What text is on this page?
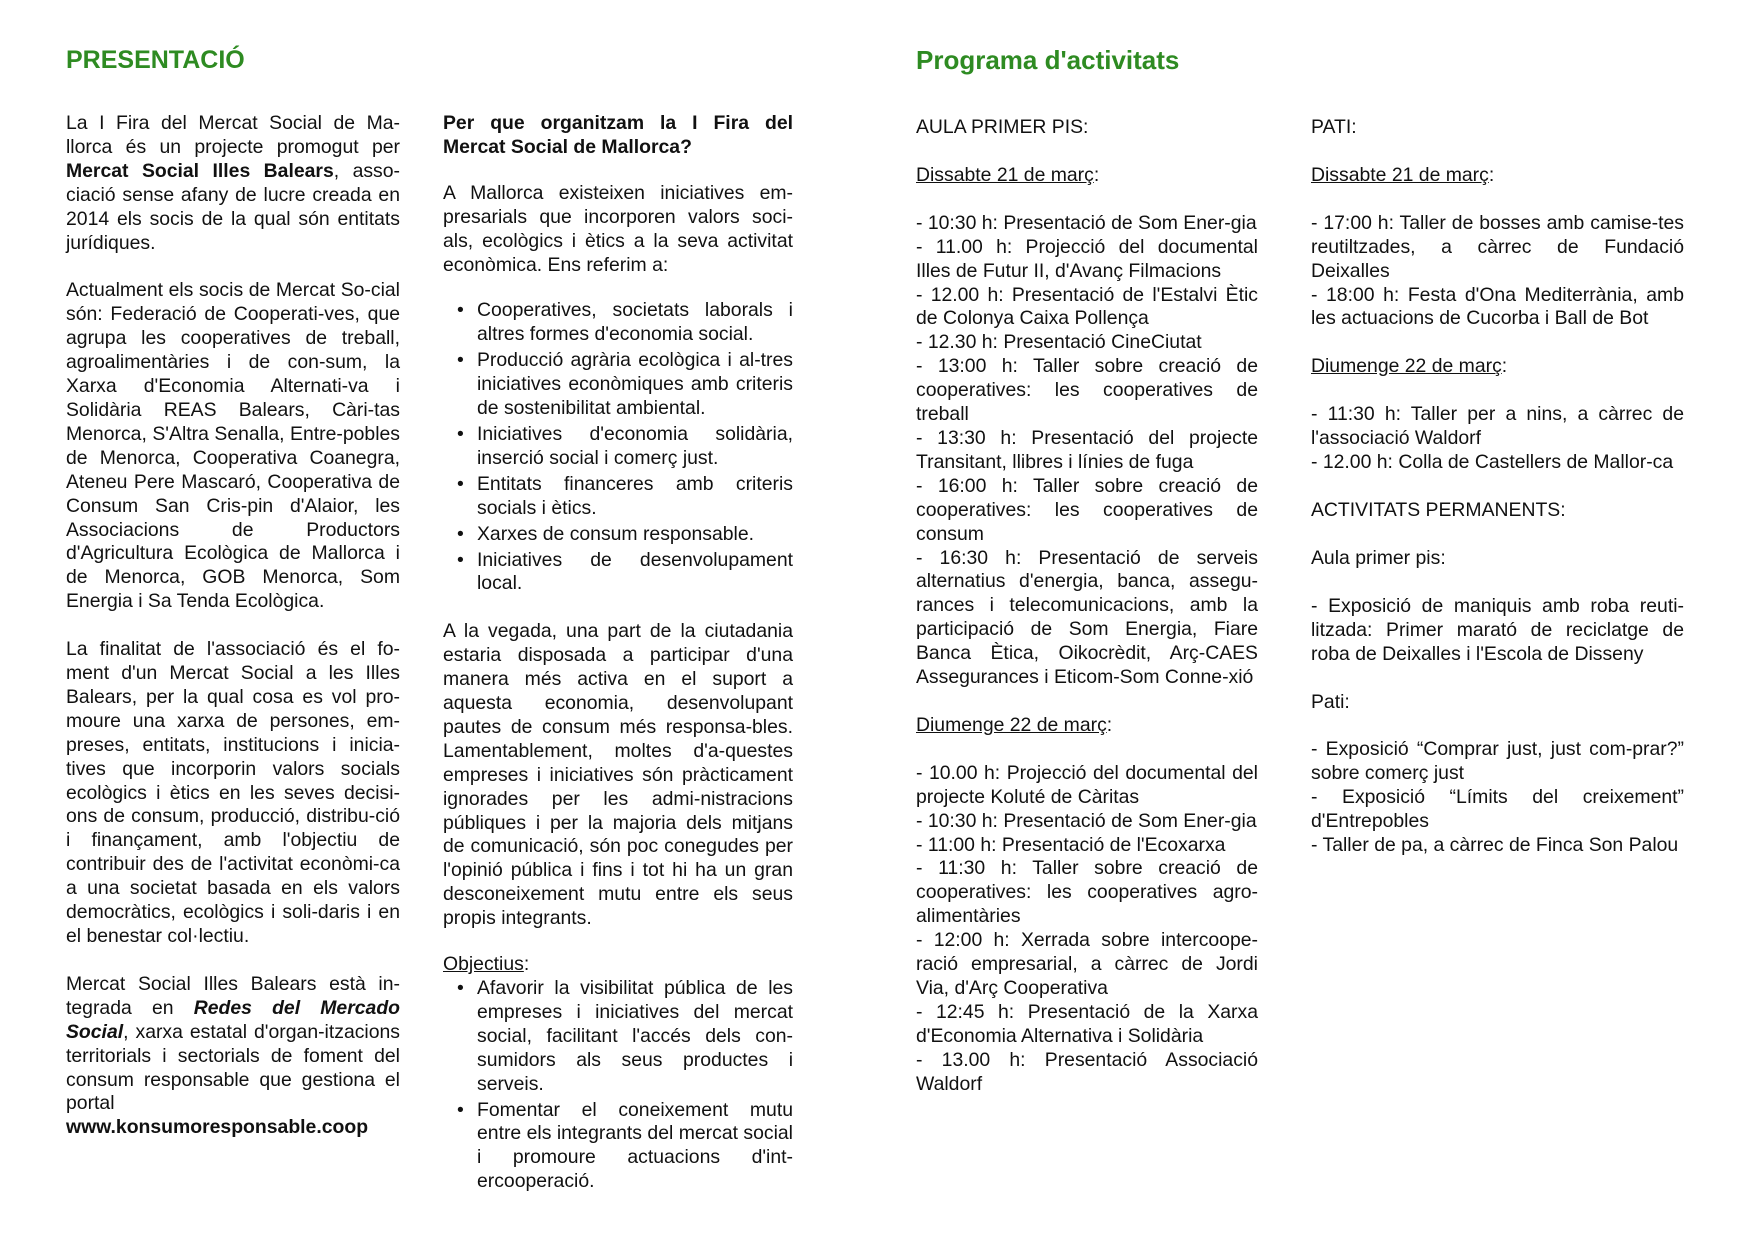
PRESENTACIÓ

La I Fira del Mercat Social de Ma-llorca és un projecte promogut per Mercat Social Illes Balears, asso-ciació sense afany de lucre creada en 2014 els socis de la qual són entitats jurídiques.

Actualment els socis de Mercat So-cial són: Federació de Cooperati-ves, que agrupa les cooperatives de treball, agroalimentàries i de con-sum, la Xarxa d'Economia Alternati-va i Solidària REAS Balears, Càri-tas Menorca, S'Altra Senalla, Entre-pobles de Menorca, Cooperativa Coanegra, Ateneu Pere Mascaró, Cooperativa de Consum San Cris-pin d'Alaior, les Associacions de Productors d'Agricultura Ecològica de Mallorca i de Menorca, GOB Menorca, Som Energia i Sa Tenda Ecològica.

La finalitat de l'associació és el fo-ment d'un Mercat Social a les Illes Balears, per la qual cosa es vol pro-moure una xarxa de persones, em-preses, entitats, institucions i inicia-tives que incorporin valors socials ecològics i ètics en les seves decisi-ons de consum, producció, distribu-ció i finançament, amb l'objectiu de contribuir des de l'activitat econòmi-ca a una societat basada en els valors democràtics, ecològics i soli-daris i en el benestar col·lectiu.

Mercat Social Illes Balears està in-tegrada en Redes del Mercado Social, xarxa estatal d'organ-itzacions territorials i sectorials de foment del consum responsable que gestiona el portal
www.konsumoresponsable.coop

Per que organitzam la I Fira del Mercat Social de Mallorca?

A Mallorca existeixen iniciatives em-presarials que incorporen valors soci-als, ecològics i ètics a la seva activitat econòmica. Ens referim a:

• Cooperatives, societats laborals i altres formes d'economia social.
• Producció agrària ecològica i al-tres iniciatives econòmiques amb criteris de sostenibilitat ambiental.
• Iniciatives d'economia solidària, inserció social i comerç just.
• Entitats financeres amb criteris socials i ètics.
• Xarxes de consum responsable.
• Iniciatives de desenvolupament local.

A la vegada, una part de la ciutadania estaria disposada a participar d'una manera més activa en el suport a aquesta economia, desenvolupant pautes de consum més responsa-bles. Lamentablement, moltes d'a-questes empreses i iniciatives són pràcticament ignorades per les admi-nistracions públiques i per la majoria dels mitjans de comunicació, són poc conegudes per l'opinió pública i fins i tot hi ha un gran desconeixement mutu entre els seus propis integrants.

Objectius:

• Afavorir la visibilitat pública de les empreses i iniciatives del mercat social, facilitant l'accés dels con-sumidors als seus productes i serveis.
• Fomentar el coneixement mutu entre els integrants del mercat social i promoure actuacions d'int-ercooperació.
Programa d'activitats

AULA PRIMER PIS:

Dissabte 21 de març:

- 10:30 h: Presentació de Som Ener-gia

- 11.00 h: Projecció del documental Illes de Futur II, d'Avanç Filmacions

- 12.00 h: Presentació de l'Estalvi Ètic de Colonya Caixa Pollença

- 12.30 h: Presentació CineCiutat

- 13:00 h: Taller sobre creació de cooperatives: les cooperatives de treball

- 13:30 h: Presentació del projecte Transitant, llibres i línies de fuga

- 16:00 h: Taller sobre creació de cooperatives: les cooperatives de consum

- 16:30 h: Presentació de serveis alternatius d'energia, banca, assegu-rances i telecomunicacions, amb la participació de Som Energia, Fiare Banca Ètica, Oikocrèdit, Arç-CAES Assegurances i Eticom-Som Conne-xió

Diumenge 22 de març:

- 10.00 h: Projecció del documental del projecte Koluté de Càritas

- 10:30 h: Presentació de Som Ener-gia

- 11:00 h: Presentació de l'Ecoxarxa

- 11:30 h: Taller sobre creació de cooperatives: les cooperatives agro-alimentàries

- 12:00 h: Xerrada sobre intercoope-ració empresarial, a càrrec de Jordi Via, d'Arç Cooperativa

- 12:45 h: Presentació de la Xarxa d'Economia Alternativa i Solidària

- 13.00 h: Presentació Associació Waldorf

PATI:

Dissabte 21 de març:

- 17:00 h: Taller de bosses amb camise-tes reutiltzades, a càrrec de Fundació Deixalles

- 18:00 h: Festa d'Ona Mediterrània, amb les actuacions de Cucorba i Ball de Bot

Diumenge 22 de març:

- 11:30 h: Taller per a nins, a càrrec de l'associació Waldorf

- 12.00 h: Colla de Castellers de Mallor-ca

ACTIVITATS PERMANENTS:

Aula primer pis:

- Exposició de maniquis amb roba reuti-litzada: Primer marató de reciclatge de roba de Deixalles i l'Escola de Disseny

Pati:

- Exposició “Comprar just, just com-prar?” sobre comerç just

- Exposició “Límits del creixement” d'Entrepobles

- Taller de pa, a càrrec de Finca Son Palou
